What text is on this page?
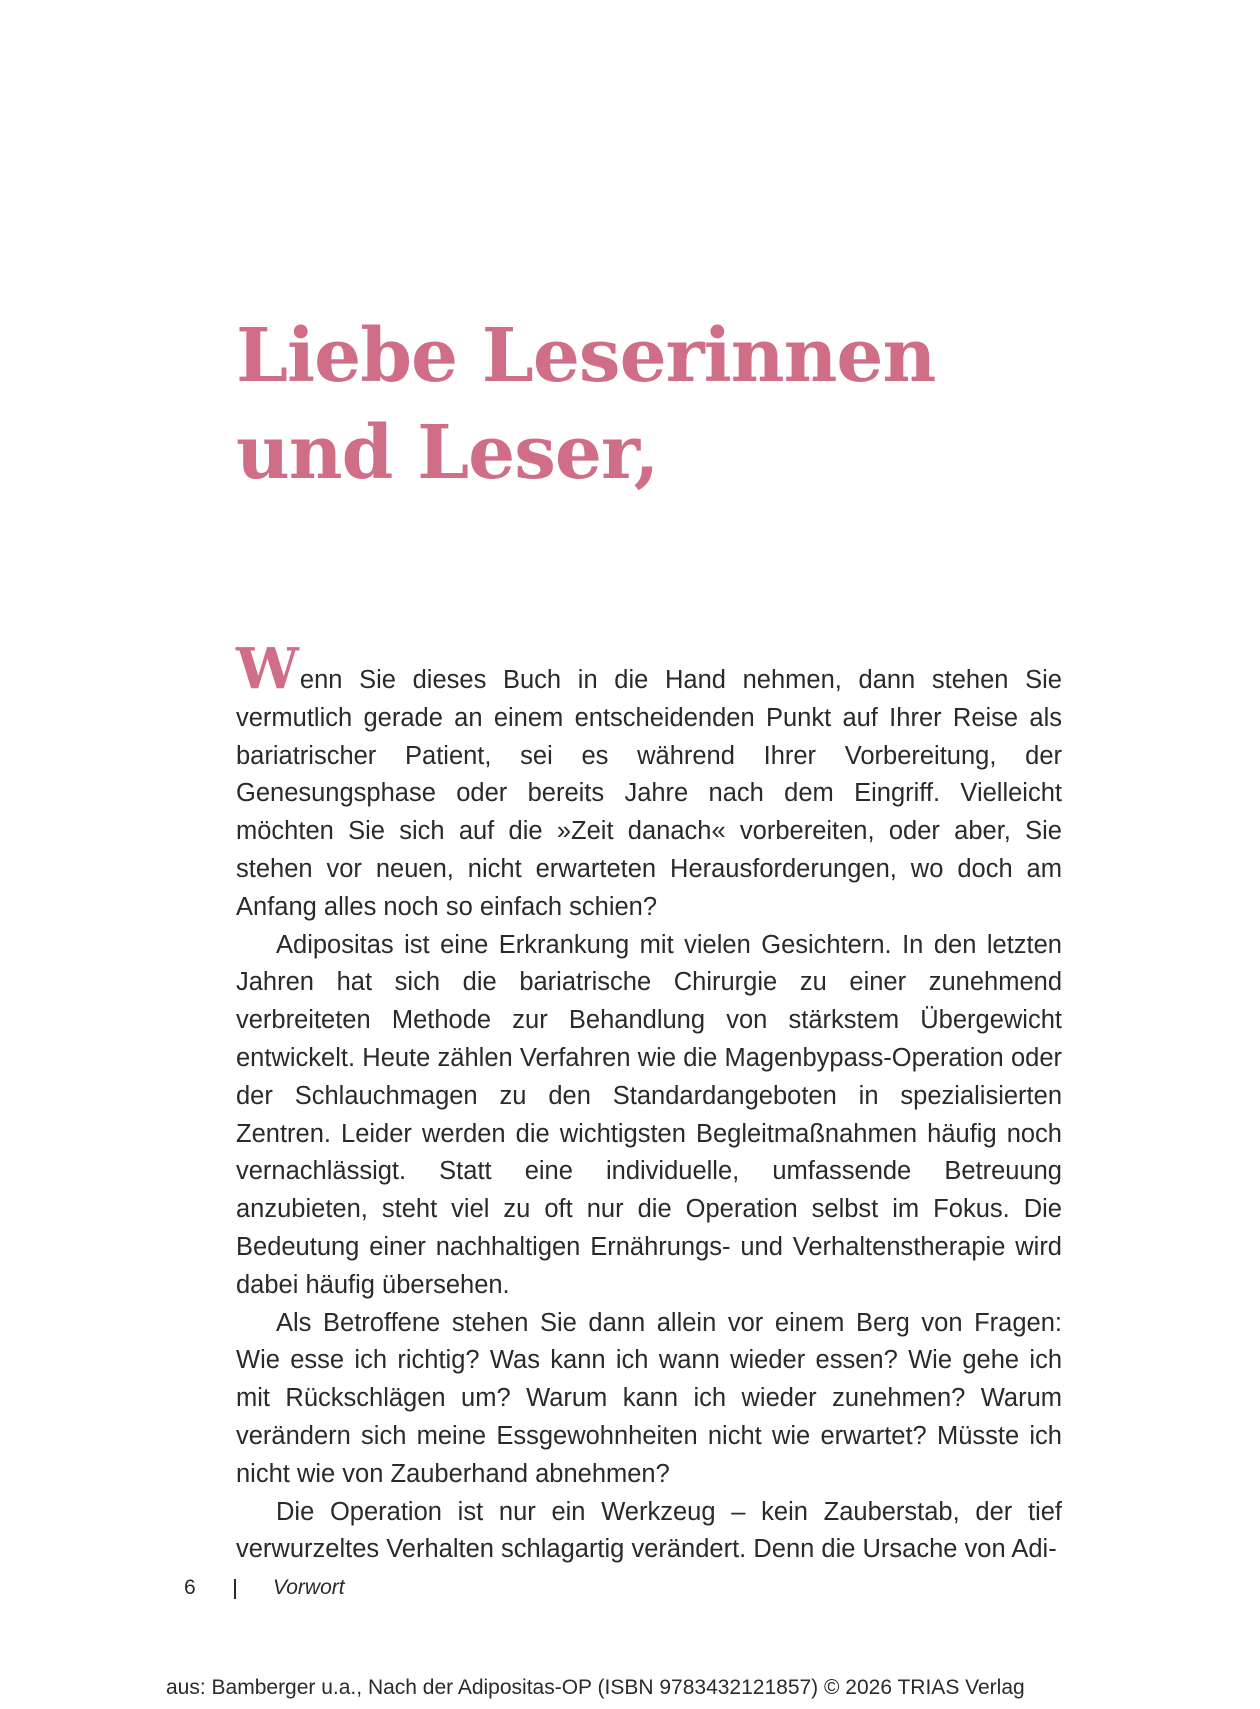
Liebe Leserinnen
und Leser,

Wenn Sie dieses Buch in die Hand nehmen, dann stehen Sie vermutlich gerade an einem entscheidenden Punkt auf Ihrer Reise als bariatrischer Patient, sei es während Ihrer Vorbereitung, der Genesungsphase oder bereits Jahre nach dem Eingriff. Vielleicht möchten Sie sich auf die »Zeit danach« vorbereiten, oder aber, Sie stehen vor neuen, nicht erwarteten Herausforderungen, wo doch am Anfang alles noch so einfach schien?

Adipositas ist eine Erkrankung mit vielen Gesichtern. In den letzten Jahren hat sich die bariatrische Chirurgie zu einer zunehmend verbreiteten Methode zur Behandlung von stärkstem Übergewicht entwickelt. Heute zählen Verfahren wie die Magenbypass-Operation oder der Schlauchmagen zu den Standardangeboten in spezialisierten Zentren. Leider werden die wichtigsten Begleitmaßnahmen häufig noch vernachlässigt. Statt eine individuelle, umfassende Betreuung anzubieten, steht viel zu oft nur die Operation selbst im Fokus. Die Bedeutung einer nachhaltigen Ernährungs- und Verhaltenstherapie wird dabei häufig übersehen.

Als Betroffene stehen Sie dann allein vor einem Berg von Fragen: Wie esse ich richtig? Was kann ich wann wieder essen? Wie gehe ich mit Rückschlägen um? Warum kann ich wieder zunehmen? Warum verändern sich meine Essgewohnheiten nicht wie erwartet? Müsste ich nicht wie von Zauberhand abnehmen?

Die Operation ist nur ein Werkzeug – kein Zauberstab, der tief verwurzeltes Verhalten schlagartig verändert. Denn die Ursache von Adi-

6	Vorwort
aus: Bamberger u.a., Nach der Adipositas-OP (ISBN 9783432121857) © 2026 TRIAS Verlag
